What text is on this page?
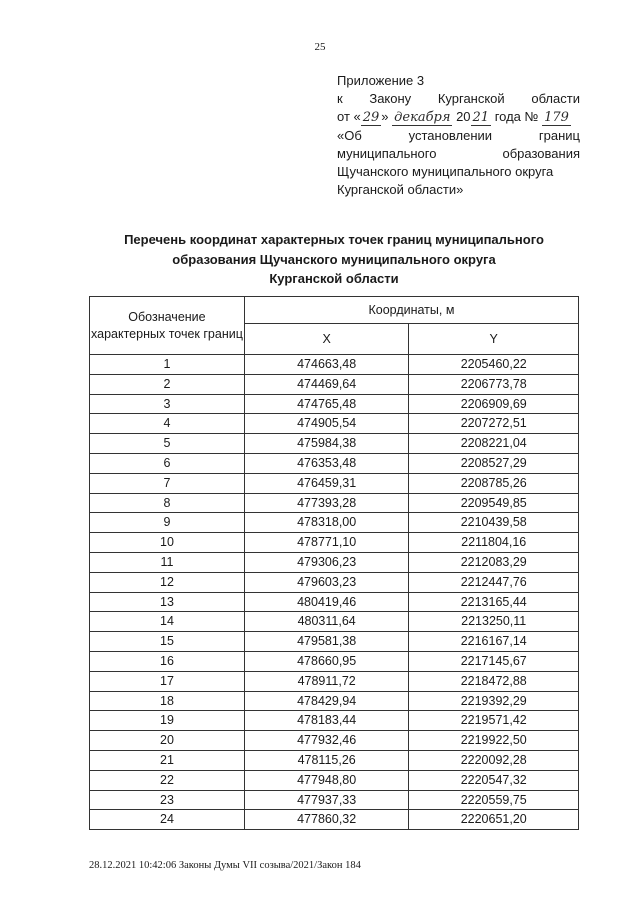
25
Приложение 3
к Закону Курганской области
от « 29 » декабря 20 21 года № 179
«Об	установлении	границ
муниципального	образования
Щучанского муниципального округа
Курганской области»
Перечень координат характерных точек границ муниципального
образования Щучанского муниципального округа
Курганской области
Обозначение характерных точек границ	Координаты, м	
	X	Y
1	474663,48	2205460,22
2	474469,64	2206773,78
3	474765,48	2206909,69
4	474905,54	2207272,51
5	475984,38	2208221,04
6	476353,48	2208527,29
7	476459,31	2208785,26
8	477393,28	2209549,85
9	478318,00	2210439,58
10	478771,10	2211804,16
11	479306,23	2212083,29
12	479603,23	2212447,76
13	480419,46	2213165,44
14	480311,64	2213250,11
15	479581,38	2216167,14
16	478660,95	2217145,67
17	478911,72	2218472,88
18	478429,94	2219392,29
19	478183,44	2219571,42
20	477932,46	2219922,50
21	478115,26	2220092,28
22	477948,80	2220547,32
23	477937,33	2220559,75
24	477860,32	2220651,20
28.12.2021 10:42:06 Законы Думы VII созыва/2021/Закон 184
